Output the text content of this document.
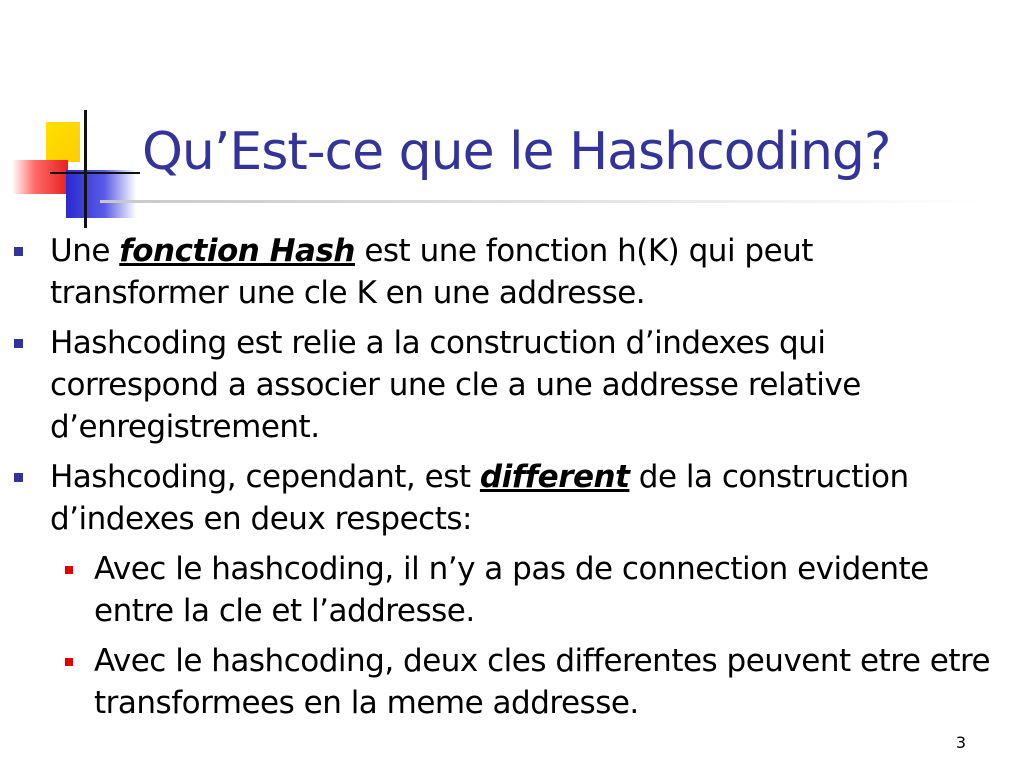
Qu’Est-ce que le Hashcoding?
Une fonction Hash est une fonction h(K) qui peut transformer une cle K en une addresse.
Hashcoding est relie a la construction d’indexes qui correspond a associer une cle a une addresse relative d’enregistrement.
Hashcoding, cependant, est different de la construction d’indexes en deux respects:
Avec le hashcoding, il n’y a pas de connection evidente entre la cle et l’addresse.
Avec le hashcoding, deux cles differentes peuvent etre etre transformees en la meme addresse.
3
